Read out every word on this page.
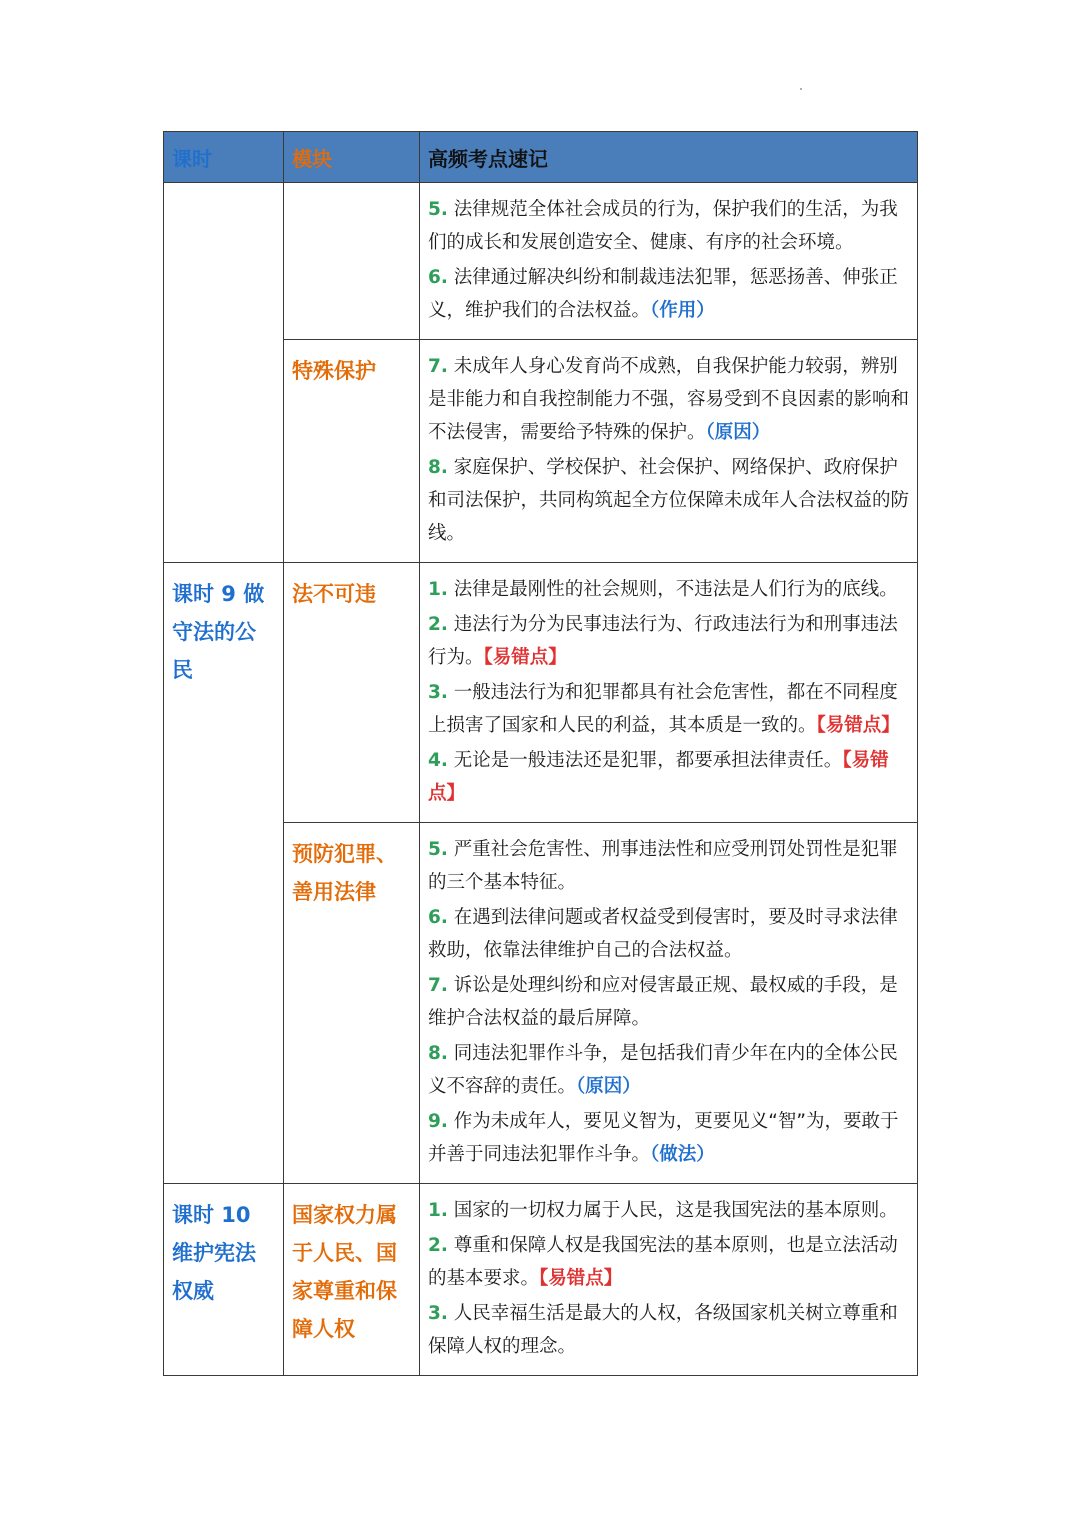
课时	模块	高频考点速记

		5. 法律规范全体社会成员的行为，保护我们的生活，为我们的成长和发展创造安全、健康、有序的社会环境。
6. 法律通过解决纠纷和制裁违法犯罪，惩恶扬善、伸张正义，维护我们的合法权益。（作用）

	特殊保护	7. 未成年人身心发育尚不成熟，自我保护能力较弱，辨别是非能力和自我控制能力不强，容易受到不良因素的影响和不法侵害，需要给予特殊的保护。（原因）
8. 家庭保护、学校保护、社会保护、网络保护、政府保护和司法保护，共同构筑起全方位保障未成年人合法权益的防线。

课时 9 做守法的公民	法不可违	1. 法律是最刚性的社会规则，不违法是人们行为的底线。
2. 违法行为分为民事违法行为、行政违法行为和刑事违法行为。【易错点】
3. 一般违法行为和犯罪都具有社会危害性，都在不同程度上损害了国家和人民的利益，其本质是一致的。【易错点】
4. 无论是一般违法还是犯罪，都要承担法律责任。【易错点】

	预防犯罪、善用法律	5. 严重社会危害性、刑事违法性和应受刑罚处罚性是犯罪的三个基本特征。
6. 在遇到法律问题或者权益受到侵害时，要及时寻求法律救助，依靠法律维护自己的合法权益。
7. 诉讼是处理纠纷和应对侵害最正规、最权威的手段，是维护合法权益的最后屏障。
8. 同违法犯罪作斗争，是包括我们青少年在内的全体公民义不容辞的责任。（原因）
9. 作为未成年人，要见义智为，更要见义“智”为，要敢于并善于同违法犯罪作斗争。（做法）

课时 10 维护宪法权威	国家权力属于人民、国家尊重和保障人权	1. 国家的一切权力属于人民，这是我国宪法的基本原则。
2. 尊重和保障人权是我国宪法的基本原则，也是立法活动的基本要求。【易错点】
3. 人民幸福生活是最大的人权，各级国家机关树立尊重和保障人权的理念。
